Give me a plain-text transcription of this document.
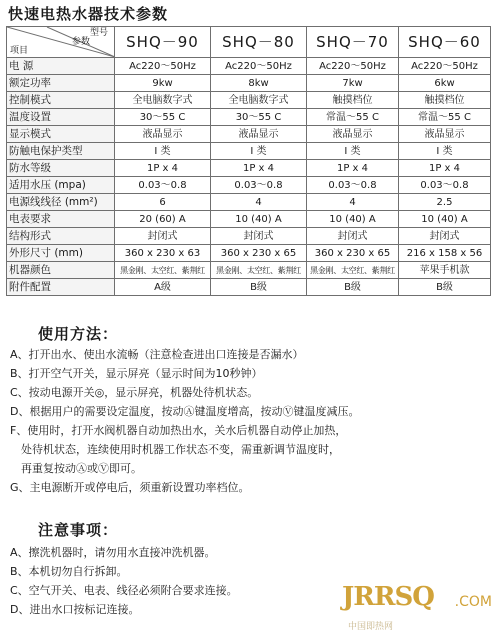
快速电热水器技术参数
型号
参数
项目	SHQ－90	SHQ－80	SHQ－70	SHQ－60
电 源	Ac220～50Hz	Ac220～50Hz	Ac220～50Hz	Ac220～50Hz
额定功率	9kw	8kw	7kw	6kw
控制模式	全电脑数字式	全电脑数字式	触摸档位	触摸档位
温度设置	30～55 C	30～55 C	常温～55 C	常温～55 C
显示模式	液晶显示	液晶显示	液晶显示	液晶显示
防触电保护类型	I 类	I 类	I 类	I 类
防水等级	1P x 4	1P x 4	1P x 4	1P x 4
适用水压 (mpa)	0.03～0.8	0.03～0.8	0.03～0.8	0.03～0.8
电源线线径 (mm²)	6	4	4	2.5
电表要求	20 (60) A	10 (40) A	10 (40) A	10 (40) A
结构形式	封闭式	封闭式	封闭式	封闭式
外形尺寸 (mm)	360 x 230 x 63	360 x 230 x 65	360 x 230 x 65	216 x 158 x 56
机器颜色	黑金刚、太空红、紫荆红	黑金刚、太空红、紫荆红	黑金刚、太空红、紫荆红	苹果手机款
附件配置	A级	B级	B级	B级
使用方法：
A、打开出水、使出水流畅（注意检查进出口连接是否漏水）
B、打开空气开关，显示屏亮（显示时间为10秒钟）
C、按动电源开关◎，显示屏亮，机器处待机状态。
D、根据用户的需要设定温度，按动Ⓐ键温度增高，按动Ⓥ键温度减压。
F、使用时，打开水阀机器自动加热出水，关水后机器自动停止加热，
处待机状态，连续使用时机器工作状态不变，需重新调节温度时，
再重复按动Ⓐ或Ⓥ即可。
G、主电源断开或停电后，须重新设置功率档位。
注意事项：
A、擦洗机器时，请勿用水直接冲洗机器。
B、本机切勿自行拆卸。
C、空气开关、电表、线径必须附合要求连接。
D、进出水口按标记连接。	JRRSQ .COM
中国即热网
